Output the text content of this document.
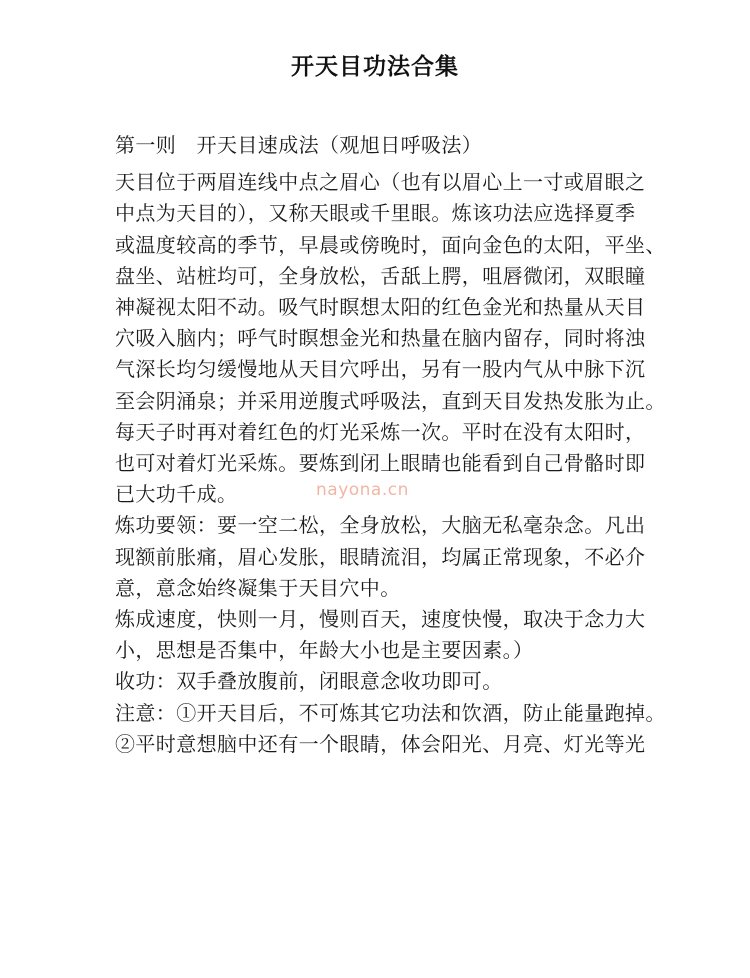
开天目功法合集

第一则　开天目速成法（观旭日呼吸法）

天目位于两眉连线中点之眉心（也有以眉心上一寸或眉眼之

中点为天目的），又称天眼或千里眼。炼该功法应选择夏季

或温度较高的季节，早晨或傍晚时，面向金色的太阳，平坐、

盘坐、站桩均可，全身放松，舌舐上腭，咀唇微闭，双眼瞳

神凝视太阳不动。吸气时瞑想太阳的红色金光和热量从天目

穴吸入脑内；呼气时瞑想金光和热量在脑内留存，同时将浊

气深长均匀缓慢地从天目穴呼出，另有一股内气从中脉下沉

至会阴涌泉；并采用逆腹式呼吸法，直到天目发热发胀为止。

每天子时再对着红色的灯光采炼一次。平时在没有太阳时，

也可对着灯光采炼。要炼到闭上眼睛也能看到自己骨骼时即

已大功千成。

炼功要领：要一空二松，全身放松，大脑无私毫杂念。凡出

现额前胀痛，眉心发胀，眼睛流泪，均属正常现象，不必介

意，意念始终凝集于天目穴中。

炼成速度，快则一月，慢则百天，速度快慢，取决于念力大

小，思想是否集中，年龄大小也是主要因素。）

收功：双手叠放腹前，闭眼意念收功即可。

注意：①开天目后，不可炼其它功法和饮酒，防止能量跑掉。

②平时意想脑中还有一个眼睛，体会阳光、月亮、灯光等光

nayona.cn
